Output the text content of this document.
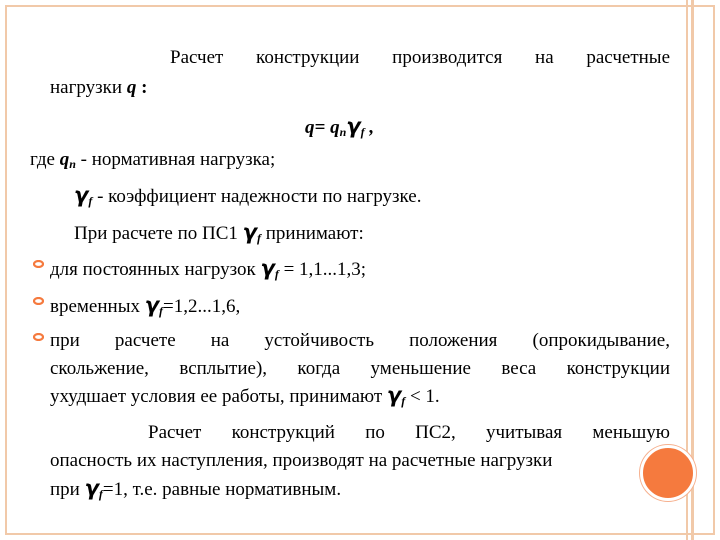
Расчет конструкции производится на расчетные
нагрузки q :
q= qnγf ,
где qn - нормативная нагрузка;
γf - коэффициент надежности по нагрузке.
При расчете по ПС1 γf принимают:
для постоянных нагрузок γf = 1,1...1,3;
временных γf=1,2...1,6,
при расчете на устойчивость положения (опрокидывание,
скольжение, всплытие), когда уменьшение веса конструкции
ухудшает условия ее работы, принимают γf < 1.
Расчет конструкций по ПС2, учитывая меньшую
опасность их наступления, производят на расчетные нагрузки
при γf=1, т.е. равные нормативным.
